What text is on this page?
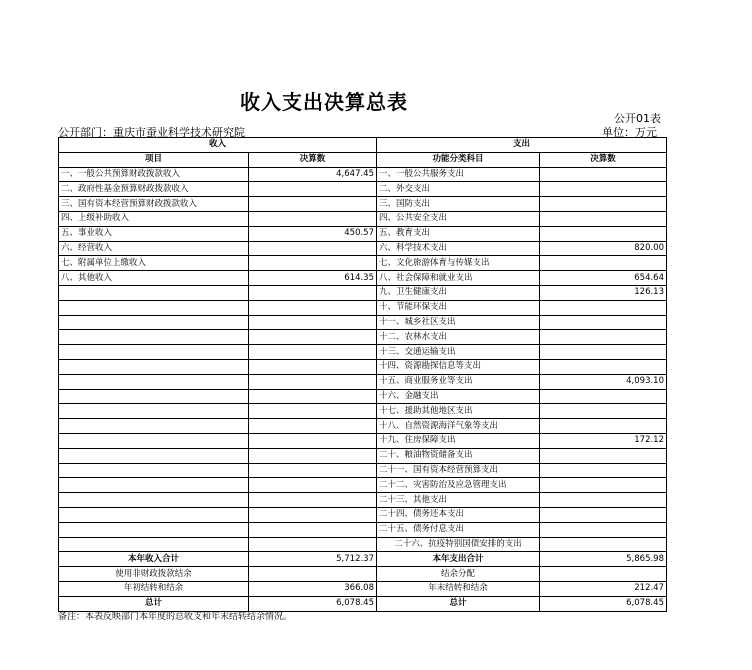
收入支出决算总表
公开01表
公开部门：重庆市蚕业科学技术研究院	单位：万元
收入		支出	
项目	决算数	功能分类科目	决算数
一、一般公共预算财政拨款收入	4,647.45	一、一般公共服务支出	
二、政府性基金预算财政拨款收入		二、外交支出	
三、国有资本经营预算财政拨款收入		三、国防支出	
四、上级补助收入		四、公共安全支出	
五、事业收入	450.57	五、教育支出	
六、经营收入		六、科学技术支出	820.00
七、附属单位上缴收入		七、文化旅游体育与传媒支出	
八、其他收入	614.35	八、社会保障和就业支出	654.64
		九、卫生健康支出	126.13
		十、节能环保支出	
		十一、城乡社区支出	
		十二、农林水支出	
		十三、交通运输支出	
		十四、资源勘探信息等支出	
		十五、商业服务业等支出	4,093.10
		十六、金融支出	
		十七、援助其他地区支出	
		十八、自然资源海洋气象等支出	
		十九、住房保障支出	172.12
		二十、粮油物资储备支出	
		二十一、国有资本经营预算支出	
		二十二、灾害防治及应急管理支出	
		二十三、其他支出	
		二十四、债务还本支出	
		二十五、债务付息支出	
		二十六、抗疫特别国债安排的支出	
本年收入合计	5,712.37	本年支出合计	5,865.98
使用非财政拨款结余		结余分配	
年初结转和结余	366.08	年末结转和结余	212.47
总计	6,078.45	总计	6,078.45
备注：本表反映部门本年度的总收支和年末结转结余情况。
